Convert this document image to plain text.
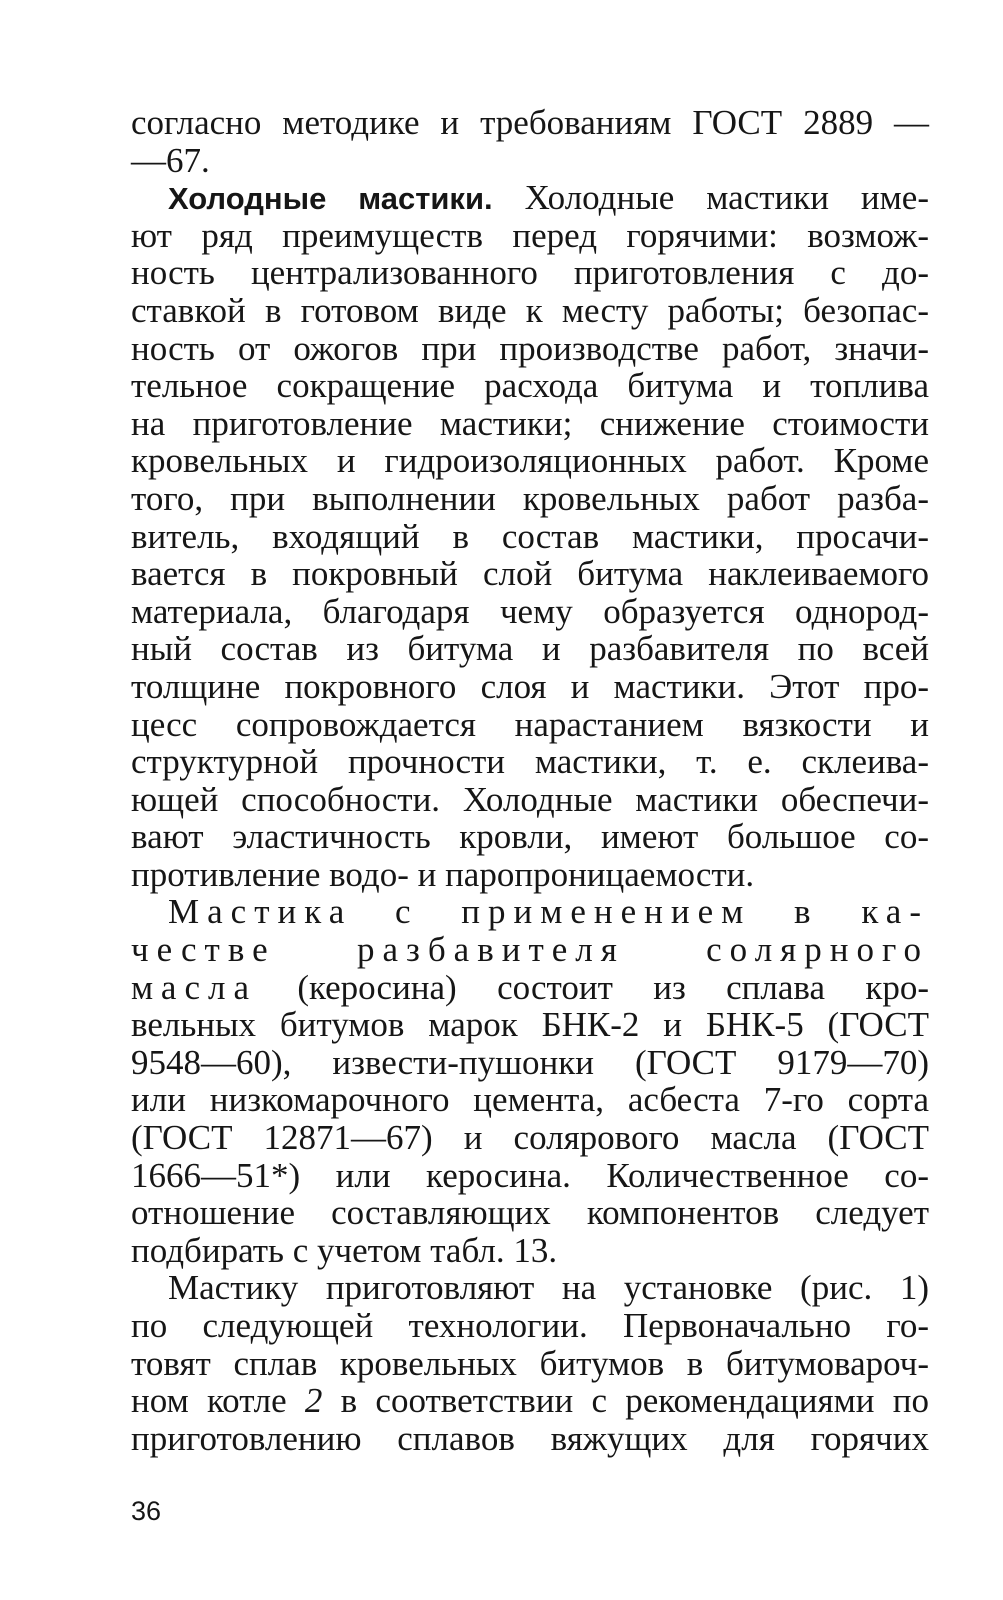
согласно методике и требованиям ГОСТ 2889 —
—67.
Холодные мастики. Холодные мастики име-
ют ряд преимуществ перед горячими: возмож-
ность централизованного приготовления с до-
ставкой в готовом виде к месту работы; безопас-
ность от ожогов при производстве работ, значи-
тельное сокращение расхода битума и топлива
на приготовление мастики; снижение стоимости
кровельных и гидроизоляционных работ. Кроме
того, при выполнении кровельных работ разба-
витель, входящий в состав мастики, просачи-
вается в покровный слой битума наклеиваемого
материала, благодаря чему образуется однород-
ный состав из битума и разбавителя по всей
толщине покровного слоя и мастики. Этот про-
цесс сопровождается нарастанием вязкости и
структурной прочности мастики, т. е. склеива-
ющей способности. Холодные мастики обеспечи-
вают эластичность кровли, имеют большое со-
противление водо- и паропроницаемости.
Мастика с применением в ка-
честве разбавителя солярного
масла (керосина) состоит из сплава кро-
вельных битумов марок БНК-2 и БНК-5 (ГОСТ
9548—60), извести-пушонки (ГОСТ 9179—70)
или низкомарочного цемента, асбеста 7-го сорта
(ГОСТ 12871—67) и солярового масла (ГОСТ
1666—51*) или керосина. Количественное со-
отношение составляющих компонентов следует
подбирать с учетом табл. 13.
Мастику приготовляют на установке (рис. 1)
по следующей технологии. Первоначально го-
товят сплав кровельных битумов в битумовароч-
ном котле 2 в соответствии с рекомендациями по
приготовлению сплавов вяжущих для горячих
36
